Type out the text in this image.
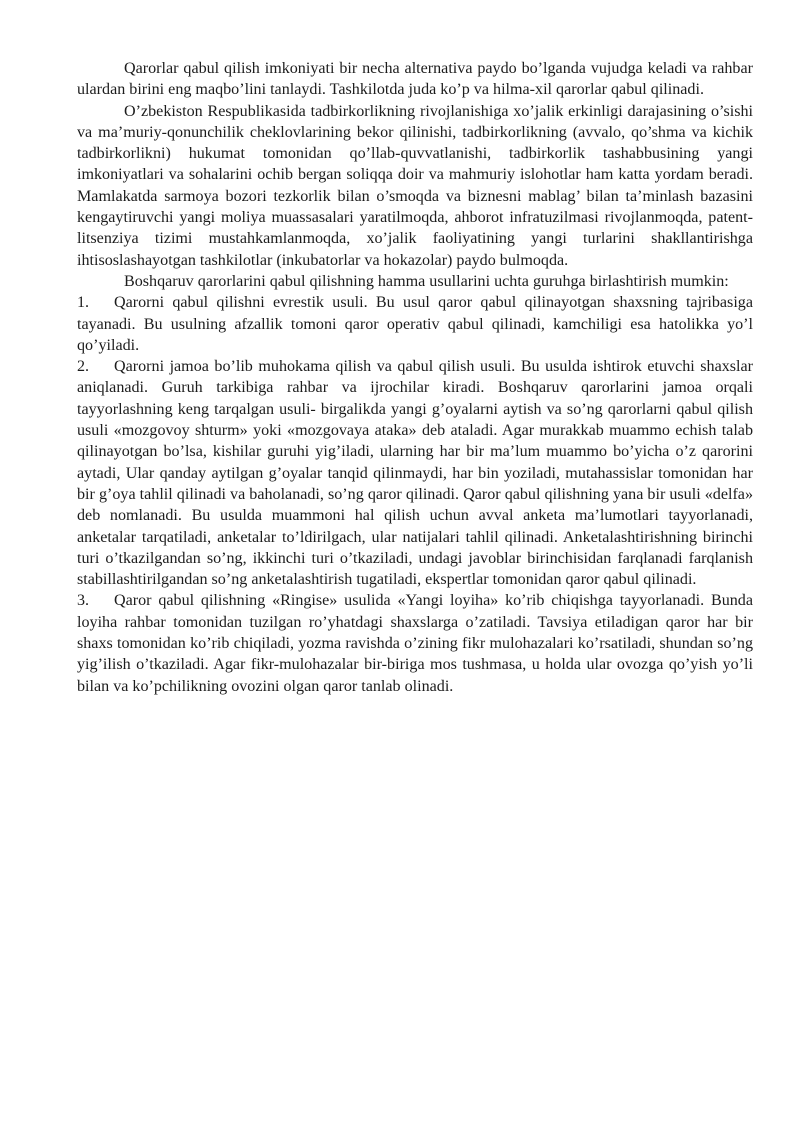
Qarorlar qabul qilish imkoniyati bir necha alternativa paydo bo’lganda vujudga keladi va rahbar ulardan birini eng maqbo’lini tanlaydi. Tashkilotda juda ko’p va hilma-xil qarorlar qabul qilinadi.

O’zbekiston Respublikasida tadbirkorlikning rivojlanishiga xo’jalik erkinligi darajasining o’sishi va ma’muriy-qonunchilik cheklovlarining bekor qilinishi, tadbirkorlikning (avvalo, qo’shma va kichik tadbirkorlikni) hukumat tomonidan qo’llab-quvvatlanishi, tadbirkorlik tashabbusining yangi imkoniyatlari va sohalarini ochib bergan soliqqa doir va mahmuriy islohotlar ham katta yordam beradi. Mamlakatda sarmoya bozori tezkorlik bilan o’smoqda va biznesni mablag’ bilan ta’minlash bazasini kengaytiruvchi yangi moliya muassasalari yaratilmoqda, ahborot infratuzilmasi rivojlanmoqda, patent-litsenziya tizimi mustahkamlanmoqda, xo’jalik faoliyatining yangi turlarini shakllantirishga ihtisoslashayotgan tashkilotlar (inkubatorlar va hokazolar) paydo bulmoqda.

Boshqaruv qarorlarini qabul qilishning hamma usullarini uchta guruhga birlashtirish mumkin:

1. Qarorni qabul qilishni evrestik usuli. Bu usul qaror qabul qilinayotgan shaxsning tajribasiga tayanadi. Bu usulning afzallik tomoni qaror operativ qabul qilinadi, kamchiligi esa hatolikka yo’l qo’yiladi.

2. Qarorni jamoa bo’lib muhokama qilish va qabul qilish usuli. Bu usulda ishtirok etuvchi shaxslar aniqlanadi. Guruh tarkibiga rahbar va ijrochilar kiradi. Boshqaruv qarorlarini jamoa orqali tayyorlashning keng tarqalgan usuli- birgalikda yangi g’oyalarni aytish va so’ng qarorlarni qabul qilish usuli «mozgovoy shturm» yoki «mozgovaya ataka» deb ataladi. Agar murakkab muammo echish talab qilinayotgan bo’lsa, kishilar guruhi yig’iladi, ularning har bir ma’lum muammo bo’yicha o’z qarorini aytadi, Ular qanday aytilgan g’oyalar tanqid qilinmaydi, har bin yoziladi, mutahassislar tomonidan har bir g’oya tahlil qilinadi va baholanadi, so’ng qaror qilinadi. Qaror qabul qilishning yana bir usuli «delfa» deb nomlanadi. Bu usulda muammoni hal qilish uchun avval anketa ma’lumotlari tayyorlanadi, anketalar tarqatiladi, anketalar to’ldirilgach, ular natijalari tahlil qilinadi. Anketalashtirishning birinchi turi o’tkazilgandan so’ng, ikkinchi turi o’tkaziladi, undagi javoblar birinchisidan farqlanadi farqlanish stabillashtirilgandan so’ng anketalashtirish tugatiladi, ekspertlar tomonidan qaror qabul qilinadi.

3. Qaror qabul qilishning «Ringise» usulida «Yangi loyiha» ko’rib chiqishga tayyorlanadi. Bunda loyiha rahbar tomonidan tuzilgan ro’yhatdagi shaxslarga o’zatiladi. Tavsiya etiladigan qaror har bir shaxs tomonidan ko’rib chiqiladi, yozma ravishda o’zining fikr mulohazalari ko’rsatiladi, shundan so’ng yig’ilish o’tkaziladi. Agar fikr-mulohazalar bir-biriga mos tushmasa, u holda ular ovozga qo’yish yo’li bilan va ko’pchilikning ovozini olgan qaror tanlab olinadi.
